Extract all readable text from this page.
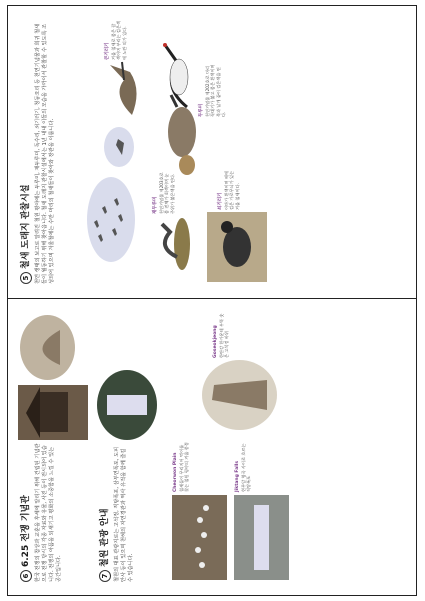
5철새 도래지 관찰시설 천연 생태의 보고로 알려진 철원 평야에는 두루미, 재두루미, 독수리, 쇠기러기, 청둥오리 등 천연기념물과 희귀 철새들이 월동하기 위해 찾아옵니다. 철새 도래지 관찰시설에서는 1년 내내 이들의 모습을 가까이서 관찰할 수 있도록 조성되어 있으며 겨울철에는 수만 마리의 철새들이 찾아와 장관을 이룹니다.
큰기러기
겨울 철새로 몸은 갈색이며 부리는 검은색에 노란 띠가 있다.
재두루미
천연기념물 제203호로 몸 전체가 회색이며 눈 주위가 붉은색을 띤다.
두루미
천연기념물 제202호로 머리 꼭대기가 붉고 몸은 흰색이며 목과 날개 끝이 검은색을 띤다.
쇠기러기
이마가 흰색이며 배에 검은 가로무늬가 있는 겨울 철새이다.
66.25 전쟁 기념관 한국 전쟁의 참상과 교훈을 후세에 알리기 위해 건립된 기념관으로 전쟁 당시의 각종 자료와 유물, 사진 등이 전시되어 있습니다. 전쟁의 아픔을 되새기고 평화의 소중함을 느낄 수 있는 공간입니다.	7철원 관광 안내 철원의 대표 관광지로는 고석정, 직탕폭포, 삼부연폭포, 도피안사 등이 있으며 천혜의 자연경관과 역사 유적을 함께 즐길 수 있습니다.
Cheorwon Plain
철새들이 무리지어 먹이를 찾는 철원 평야의 겨울 풍경	Jiktang Falls
현무암 협곡 사이로 흐르는 직탕폭포
Goseokjeong
한탄강 한가운데 우뚝 솟은 고석정 바위
